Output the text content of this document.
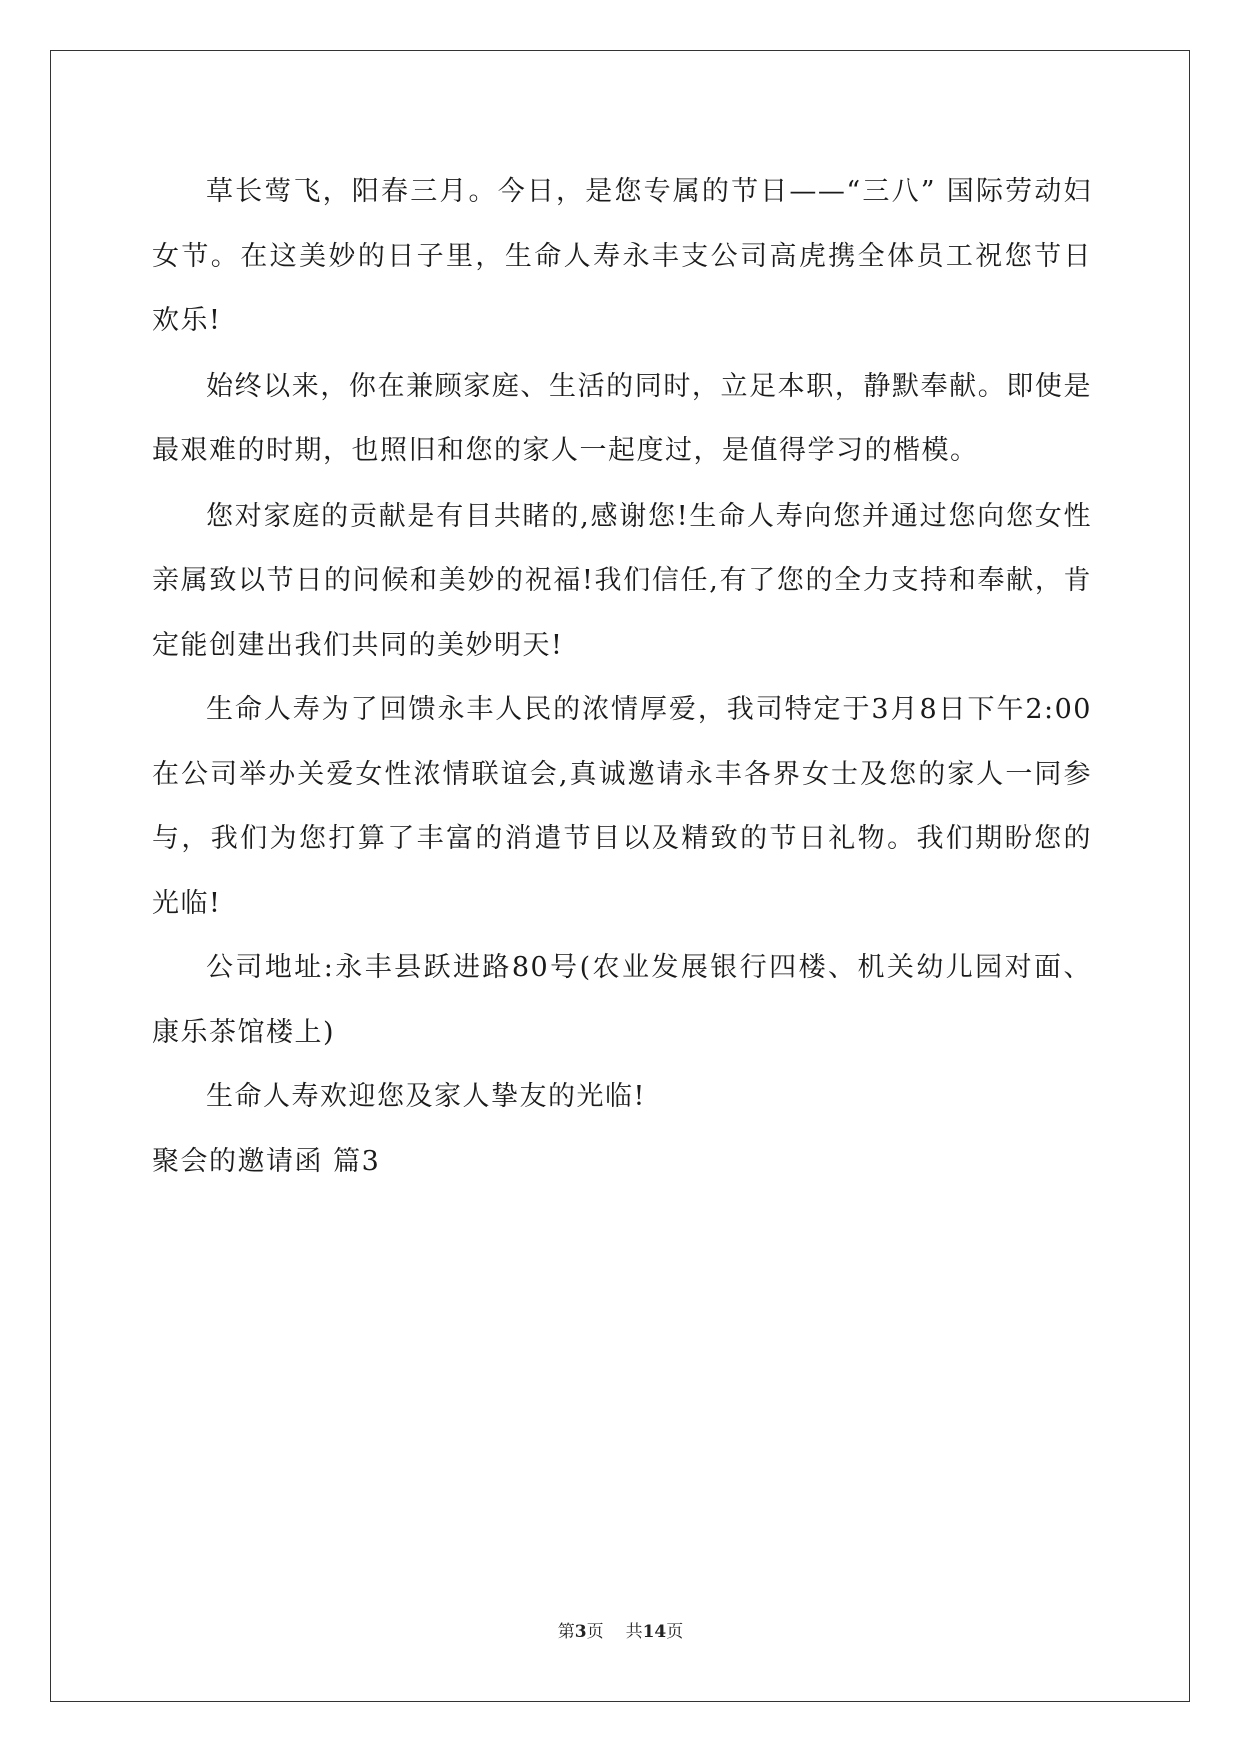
草长莺飞，阳春三月。今日，是您专属的节日——“三八” 国际劳动妇女节。在这美妙的日子里，生命人寿永丰支公司高虎携全体员工祝您节日欢乐!

始终以来，你在兼顾家庭、生活的同时，立足本职，静默奉献。即使是最艰难的时期，也照旧和您的家人一起度过，是值得学习的楷模。

您对家庭的贡献是有目共睹的,感谢您!生命人寿向您并通过您向您女性亲属致以节日的问候和美妙的祝福!我们信任,有了您的全力支持和奉献，肯定能创建出我们共同的美妙明天!

生命人寿为了回馈永丰人民的浓情厚爱，我司特定于3月8日下午2:00在公司举办关爱女性浓情联谊会,真诚邀请永丰各界女士及您的家人一同参与，我们为您打算了丰富的消遣节目以及精致的节日礼物。我们期盼您的光临!

公司地址:永丰县跃进路80号(农业发展银行四楼、机关幼儿园对面、康乐茶馆楼上)

生命人寿欢迎您及家人挚友的光临!

聚会的邀请函 篇3

第3页 共14页
